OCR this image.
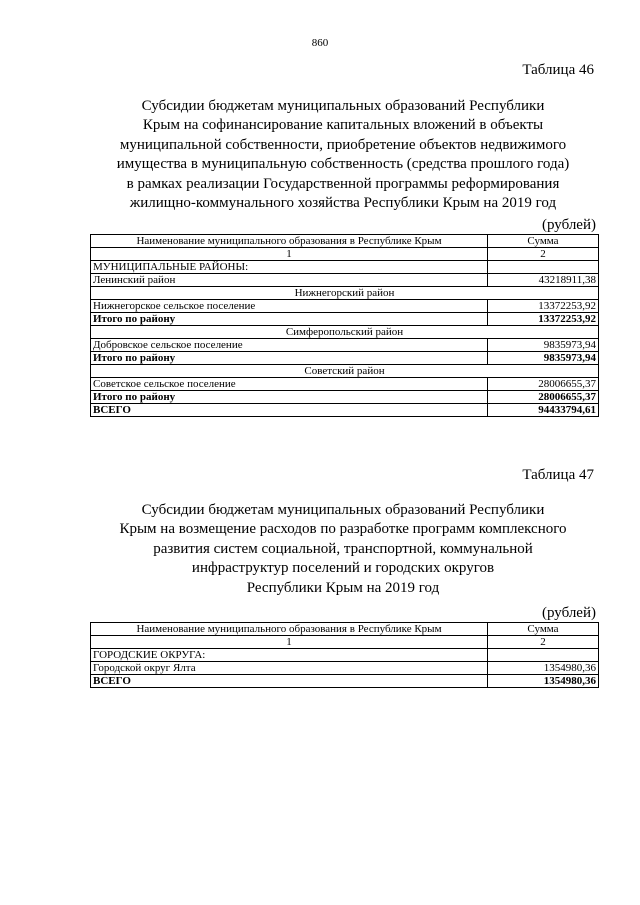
860
Таблица 46
Субсидии бюджетам муниципальных образований Республики
Крым на софинансирование капитальных вложений в объекты
муниципальной собственности, приобретение объектов недвижимого
имущества в муниципальную собственность (средства прошлого года)
в рамках реализации Государственной программы реформирования
жилищно-коммунального хозяйства Республики Крым на 2019 год
(рублей)
Наименование муниципального образования в Республике Крым	Сумма
1	2
МУНИЦИПАЛЬНЫЕ РАЙОНЫ:	
Ленинский район	43218911,38
Нижнегорский район	
Нижнегорское сельское поселение	13372253,92
Итого по району	13372253,92
Симферопольский район	
Добровское сельское поселение	9835973,94
Итого по району	9835973,94
Советский район	
Советское сельское поселение	28006655,37
Итого по району	28006655,37
ВСЕГО	94433794,61
Таблица 47
Субсидии бюджетам муниципальных образований Республики
Крым на возмещение расходов по разработке программ комплексного
развития систем социальной, транспортной, коммунальной
инфраструктур поселений и городских округов
Республики Крым на 2019 год
(рублей)
Наименование муниципального образования в Республике Крым	Сумма
1	2
ГОРОДСКИЕ ОКРУГА:	
Городской округ Ялта	1354980,36
ВСЕГО	1354980,36
